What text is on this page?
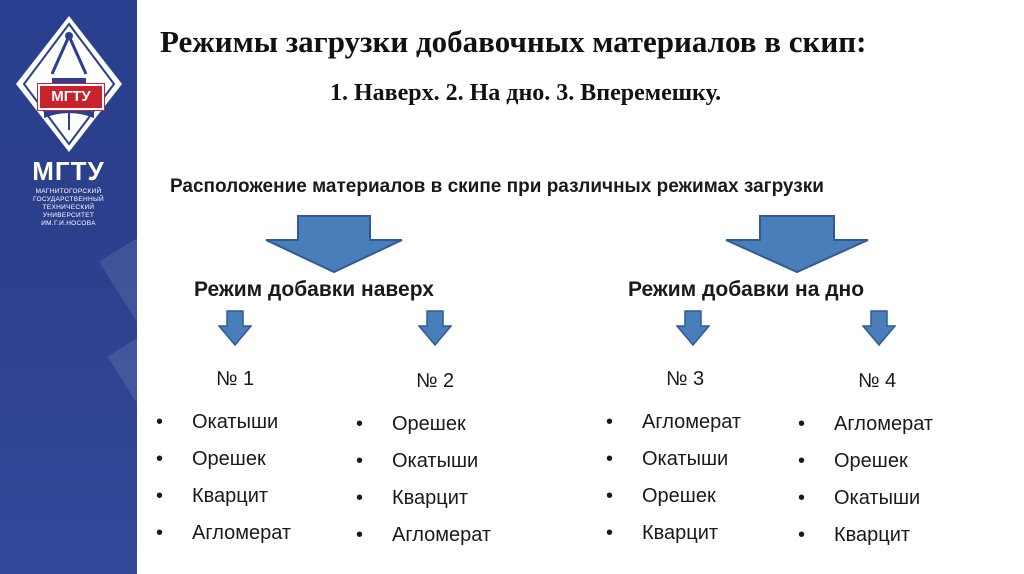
МГТУ
МГТУ
МАГНИТОГОРСКИЙ
ГОСУДАРСТВЕННЫЙ
ТЕХНИЧЕСКИЙ
УНИВЕРСИТЕТ
ИМ.Г.И.НОСОВА
Режимы загрузки добавочных материалов в скип:
1. Наверх. 2. На дно. 3. Вперемешку.
Расположение материалов в скипе при различных режимах загрузки
Режим добавки наверх	Режим добавки на дно
№ 1
•	Окатыши
•	Орешек
•	Кварцит
•	Агломерат
№ 2
•	Орешек
•	Окатыши
•	Кварцит
•	Агломерат
№ 3
•	Агломерат
•	Окатыши
•	Орешек
•	Кварцит
№ 4
•	Агломерат
•	Орешек
•	Окатыши
•	Кварцит
